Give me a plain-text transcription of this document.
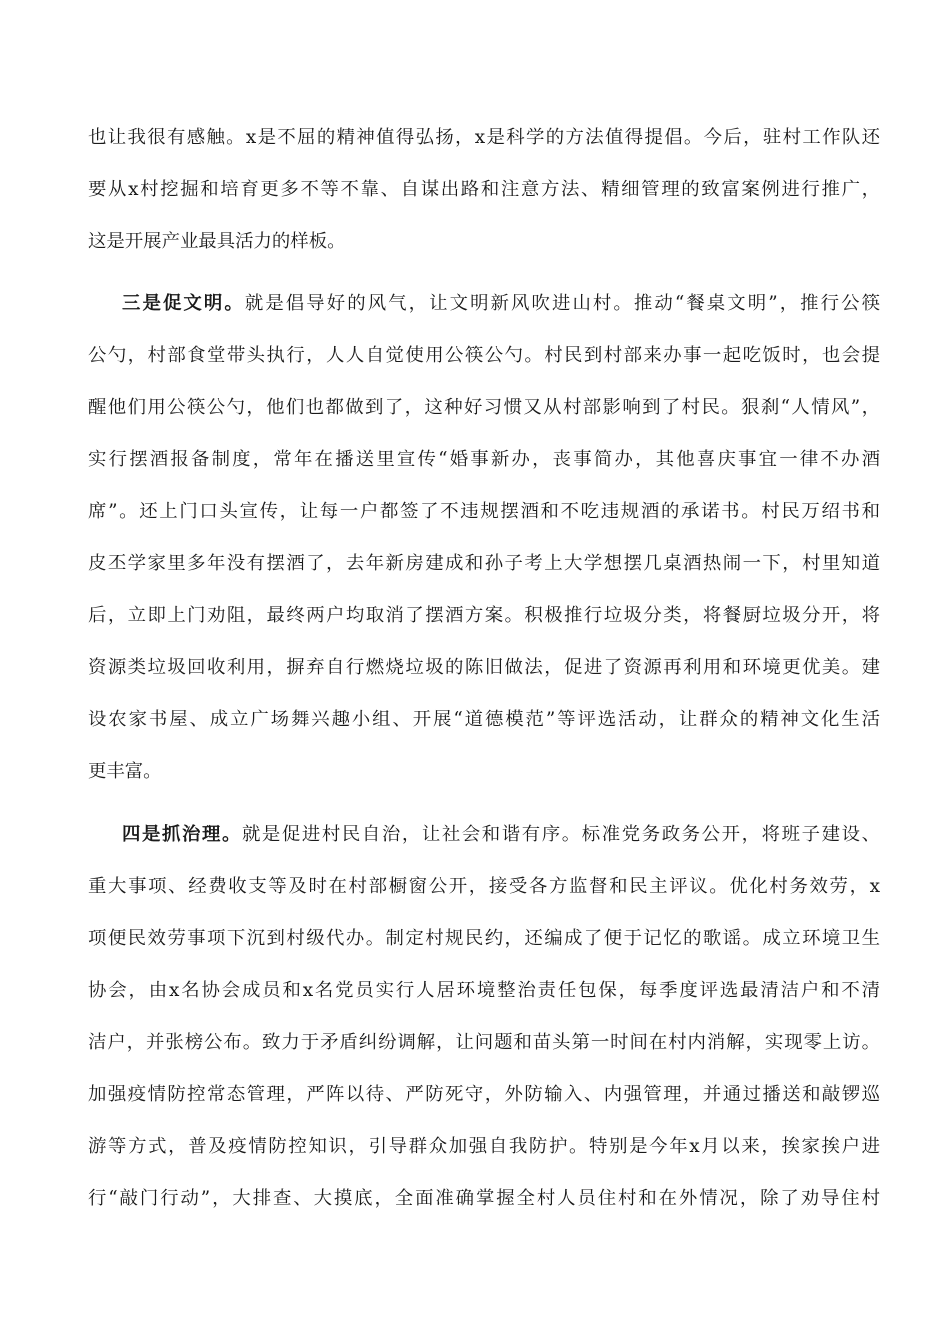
也让我很有感触。x是不屈的精神值得弘扬，x是科学的方法值得提倡。今后，驻村工作队还
要从x村挖掘和培育更多不等不靠、自谋出路和注意方法、精细管理的致富案例进行推广，
这是开展产业最具活力的样板。
三是促文明。就是倡导好的风气，让文明新风吹进山村。推动“餐桌文明”，推行公筷
公勺，村部食堂带头执行，人人自觉使用公筷公勺。村民到村部来办事一起吃饭时，也会提
醒他们用公筷公勺，他们也都做到了，这种好习惯又从村部影响到了村民。狠刹“人情风”，
实行摆酒报备制度，常年在播送里宣传“婚事新办，丧事简办，其他喜庆事宜一律不办酒
席”。还上门口头宣传，让每一户都签了不违规摆酒和不吃违规酒的承诺书。村民万绍书和
皮丕学家里多年没有摆酒了，去年新房建成和孙子考上大学想摆几桌酒热闹一下，村里知道
后，立即上门劝阻，最终两户均取消了摆酒方案。积极推行垃圾分类，将餐厨垃圾分开，将
资源类垃圾回收利用，摒弃自行燃烧垃圾的陈旧做法，促进了资源再利用和环境更优美。建
设农家书屋、成立广场舞兴趣小组、开展“道德模范”等评选活动，让群众的精神文化生活
更丰富。
四是抓治理。就是促进村民自治，让社会和谐有序。标准党务政务公开，将班子建设、
重大事项、经费收支等及时在村部橱窗公开，接受各方监督和民主评议。优化村务效劳，x
项便民效劳事项下沉到村级代办。制定村规民约，还编成了便于记忆的歌谣。成立环境卫生
协会，由x名协会成员和x名党员实行人居环境整治责任包保，每季度评选最清洁户和不清
洁户，并张榜公布。致力于矛盾纠纷调解，让问题和苗头第一时间在村内消解，实现零上访。
加强疫情防控常态管理，严阵以待、严防死守，外防输入、内强管理，并通过播送和敲锣巡
游等方式，普及疫情防控知识，引导群众加强自我防护。特别是今年x月以来，挨家挨户进
行“敲门行动”，大排查、大摸底，全面准确掌握全村人员住村和在外情况，除了劝导住村
